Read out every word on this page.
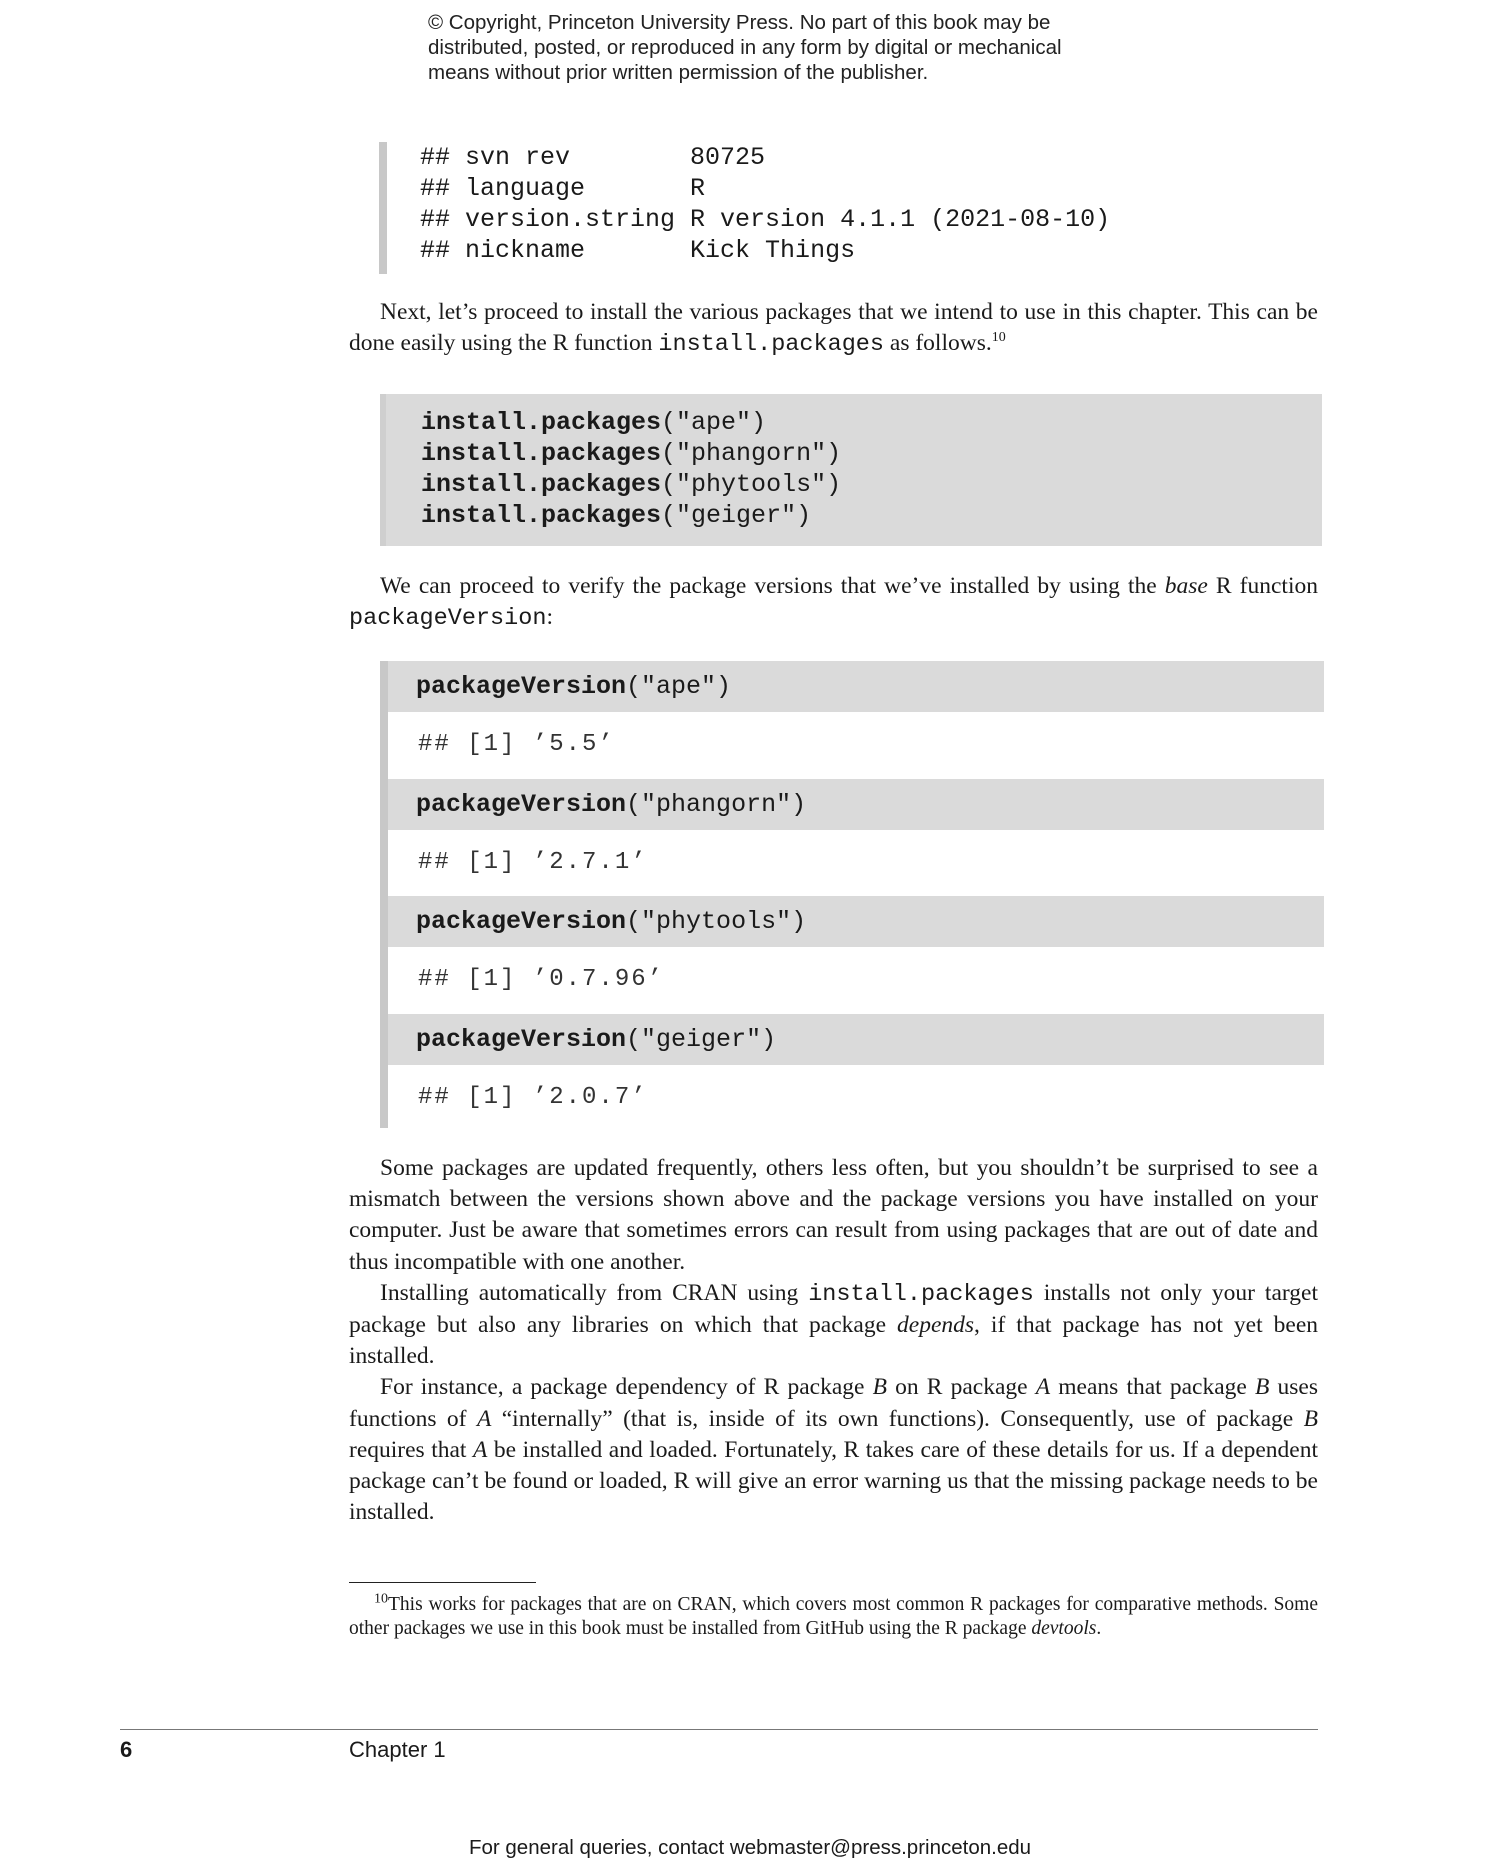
© Copyright, Princeton University Press. No part of this book may be
distributed, posted, or reproduced in any form by digital or mechanical
means without prior written permission of the publisher.
## svn rev        80725
## language       R
## version.string R version 4.1.1 (2021-08-10)
## nickname       Kick Things
Next, let’s proceed to install the various packages that we intend to use in this chapter. This can be done easily using the R function install.packages as follows.$^{10}$
install.packages("ape")
install.packages("phangorn")
install.packages("phytools")
install.packages("geiger")
We can proceed to verify the package versions that we’ve installed by using the base R function packageVersion:
packageVersion("ape")
## [1] ’5.5’
packageVersion("phangorn")
## [1] ’2.7.1’
packageVersion("phytools")
## [1] ’0.7.96’
packageVersion("geiger")
## [1] ’2.0.7’
Some packages are updated frequently, others less often, but you shouldn’t be surprised to see a mismatch between the versions shown above and the package versions you have installed on your computer. Just be aware that sometimes errors can result from using packages that are out of date and thus incompatible with one another.
Installing automatically from CRAN using install.packages installs not only your target package but also any libraries on which that package depends, if that package has not yet been installed.
For instance, a package dependency of R package B on R package A means that package B uses functions of A “internally” (that is, inside of its own functions). Consequently, use of package B requires that A be installed and loaded. Fortunately, R takes care of these details for us. If a dependent package can’t be found or loaded, R will give an error warning us that the missing package needs to be installed.
$^{10}$This works for packages that are on CRAN, which covers most common R packages for comparative methods. Some other packages we use in this book must be installed from GitHub using the R package devtools.
6	Chapter 1
For general queries, contact webmaster@press.princeton.edu
